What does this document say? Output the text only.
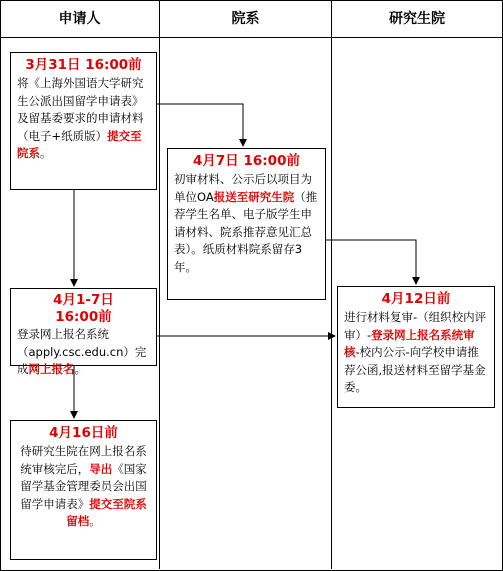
申请人	院系	研究生院
3月31日 16:00前
将《上海外国语大学研究生公派出国留学申请表》及留基委要求的申请材料（电子+纸质版）提交至院系。	4月7日 16:00前
初审材料、公示后以项目为单位OA报送至研究生院（推荐学生名单、电子版学生申请材料、院系推荐意见汇总表）。纸质材料院系留存3年。
4月1-7日
16:00前
登录网上报名系统（apply.csc.edu.cn）完成网上报名。
4月12日前
进行材料复审-（组织校内评审）-登录网上报名系统审核-校内公示-向学校申请推荐公函,报送材料至留学基金委。
4月16日前
待研究生院在网上报名系统审核完后，导出《国家留学基金管理委员会出国留学申请表》提交至院系留档。
